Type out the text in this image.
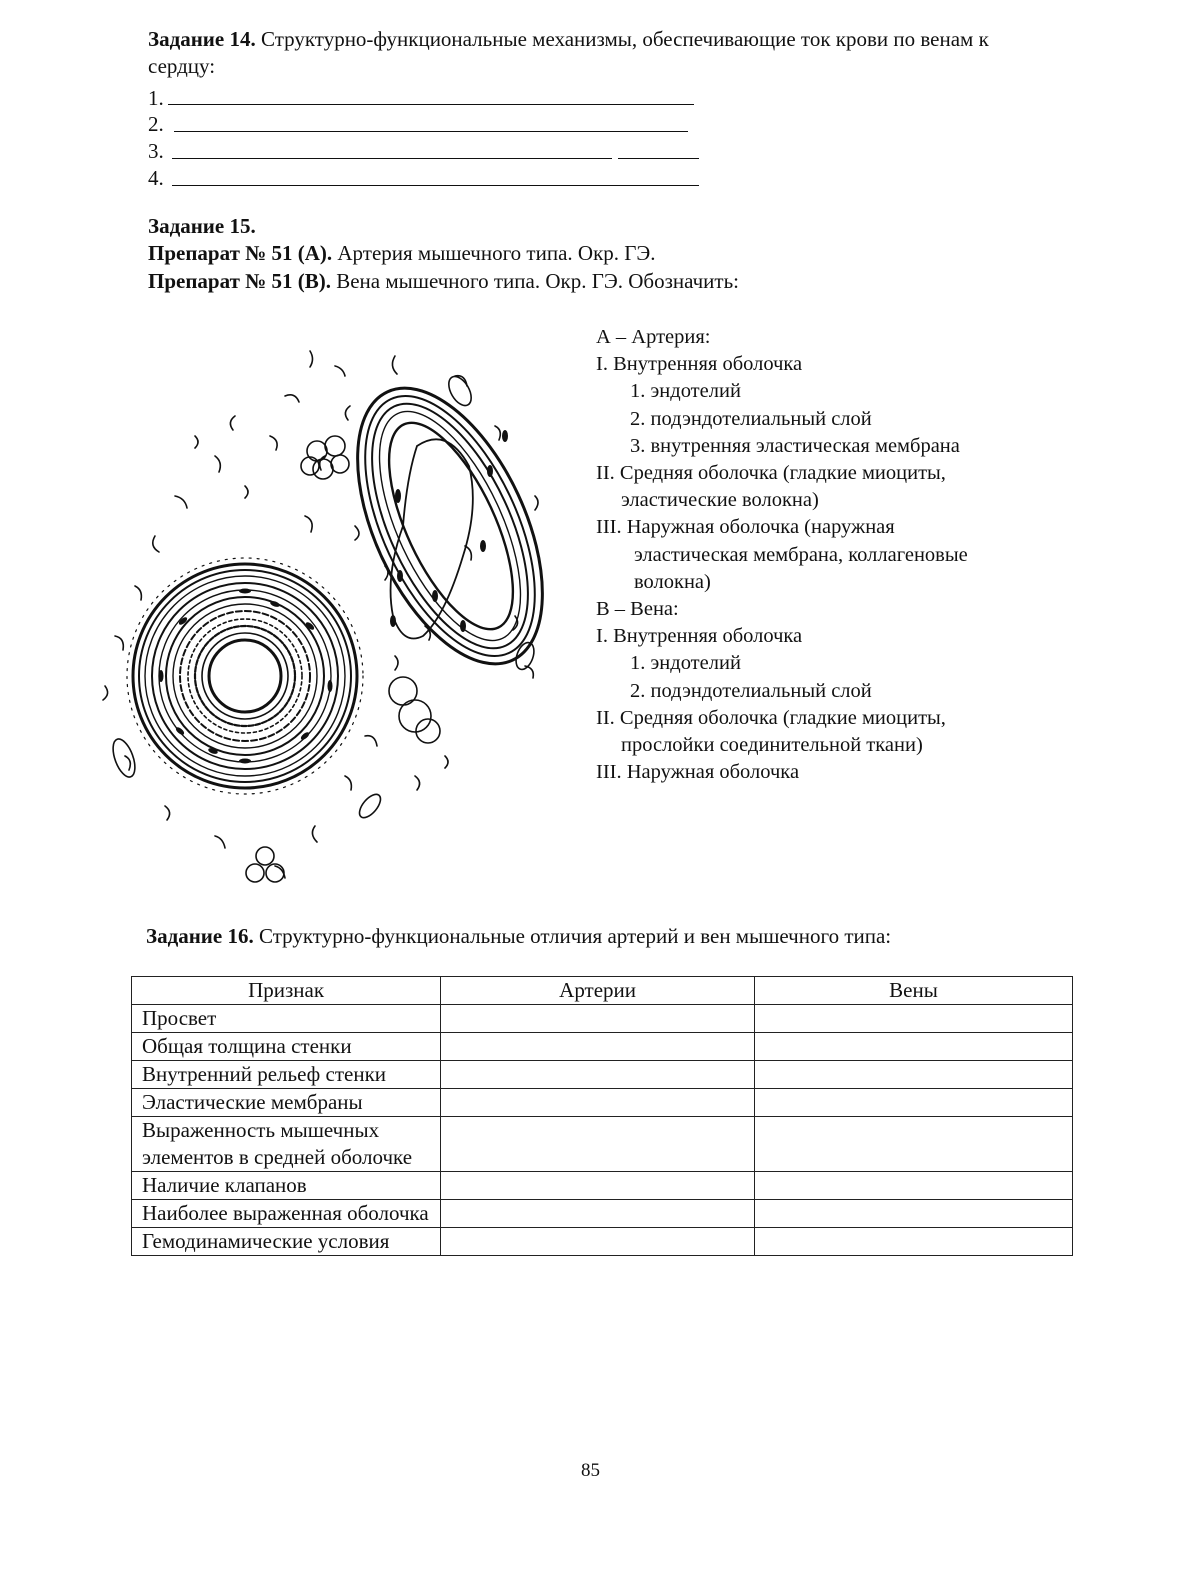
Задание 14. Структурно-функциональные механизмы, обеспечивающие ток крови по венам к сердцу:
1.
2.
3.
4.
Задание 15.
Препарат № 51 (А). Артерия мышечного типа. Окр. ГЭ.
Препарат № 51 (В). Вена мышечного типа. Окр. ГЭ. Обозначить:
А – Артерия:
I. Внутренняя оболочка
1. эндотелий
2. подэндотелиальный слой
3. внутренняя эластическая мембрана
II. Средняя оболочка (гладкие миоциты,
эластические волокна)
III. Наружная оболочка (наружная
эластическая мембрана, коллагеновые
волокна)
В – Вена:
I. Внутренняя оболочка
1. эндотелий
2. подэндотелиальный слой
II. Средняя оболочка (гладкие миоциты,
прослойки соединительной ткани)
III. Наружная оболочка
Задание 16. Структурно-функциональные отличия артерий и вен мышечного типа:
Признак	Артерии	Вены
Просвет		
Общая толщина стенки		
Внутренний рельеф стенки		
Эластические мембраны		
Выраженность мышечных элементов в средней оболочке		
Наличие клапанов		
Наиболее выраженная оболочка		
Гемодинамические условия		
85
